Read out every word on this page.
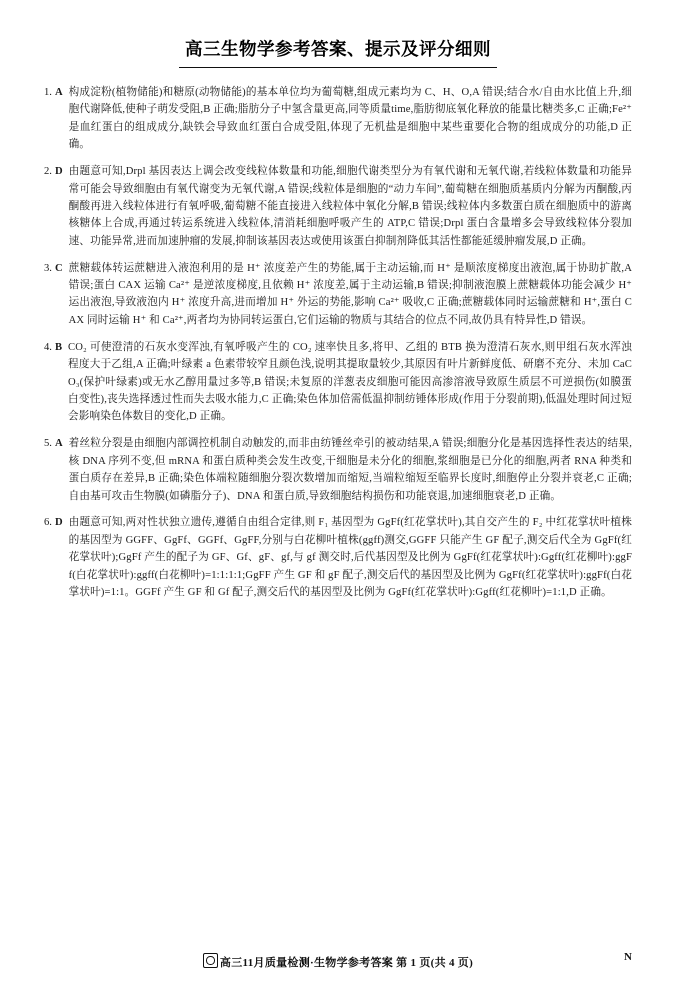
高三生物学参考答案、提示及评分细则
1. A 构成淀粉(植物储能)和糖原(动物储能)的基本单位均为葡萄糖,组成元素均为 C、H、O,A 错误;结合水/自由水比值上升,细胞代谢降低,使种子萌发受阻,B 正确;脂肪分子中氢含量更高,同等质量time,脂肪彻底氧化释放的能量比糖类多,C 正确;Fe²⁺ 是血红蛋白的组成成分,缺铁会导致血红蛋白合成受阻,体现了无机盐是细胞中某些重要化合物的组成成分的功能,D 正确。
2. D 由题意可知,Drpl 基因表达上调会改变线粒体数量和功能,细胞代谢类型分为有氧代谢和无氧代谢,若线粒体数量和功能异常可能会导致细胞由有氧代谢变为无氧代谢,A 错误;线粒体是细胞的“动力车间”,葡萄糖在细胞质基质内分解为丙酮酸,丙酮酸再进入线粒体进行有氧呼吸,葡萄糖不能直接进入线粒体中氧化分解,B 错误;线粒体内多数蛋白质在细胞质中的游离核糖体上合成,再通过转运系统进入线粒体,清消耗细胞呼吸产生的 ATP,C 错误;Drpl 蛋白含量增多会导致线粒体分裂加速、功能异常,进而加速肿瘤的发展,抑制该基因表达或使用该蛋白抑制剂降低其活性都能延缓肿瘤发展,D 正确。
3. C 蔗糖载体转运蔗糖进入液泡利用的是 H⁺ 浓度差产生的势能,属于主动运输,而 H⁺ 是顺浓度梯度出液泡,属于协助扩散,A 错误;蛋白 CAX 运输 Ca²⁺ 是逆浓度梯度,且依赖 H⁺ 浓度差,属于主动运输,B 错误;抑制液泡膜上蔗糖载体功能会减少 H⁺ 运出液泡,导致液泡内 H⁺ 浓度升高,进而增加 H⁺ 外运的势能,影响 Ca²⁺ 吸收,C 正确;蔗糖载体同时运输蔗糖和 H⁺,蛋白 CAX 同时运输 H⁺ 和 Ca²⁺,两者均为协同转运蛋白,它们运输的物质与其结合的位点不同,故仍具有特异性,D 错误。
4. B CO₂ 可使澄清的石灰水变浑浊,有氧呼吸产生的 CO₂ 速率快且多,将甲、乙组的 BTB 换为澄清石灰水,则甲组石灰水浑浊程度大于乙组,A 正确;叶绿素 a 色素带较窄且颜色浅,说明其提取量较少,其原因有叶片新鲜度低、研磨不充分、未加 CaCO₃(保护叶绿素)或无水乙醇用量过多等,B 错误;未复原的洋葱表皮细胞可能因高渗溶液导致原生质层不可逆损伤(如膜蛋白变性),丧失选择透过性而失去吸水能力,C 正确;染色体加倍需低温抑制纺锤体形成(作用于分裂前期),低温处理时间过短会影响染色体数目的变化,D 正确。
5. A 着丝粒分裂是由细胞内部调控机制自动触发的,而非由纺锤丝牵引的被动结果,A 错误;细胞分化是基因选择性表达的结果,核 DNA 序列不变,但 mRNA 和蛋白质种类会发生改变,干细胞是未分化的细胞,浆细胞是已分化的细胞,两者 RNA 种类和蛋白质存在差异,B 正确;染色体端粒随细胞分裂次数增加而缩短,当端粒缩短至临界长度时,细胞停止分裂并衰老,C 正确;自由基可攻击生物膜(如磷脂分子)、DNA 和蛋白质,导致细胞结构损伤和功能衰退,加速细胞衰老,D 正确。
6. D 由题意可知,两对性状独立遗传,遵循自由组合定律,则 F₁ 基因型为 GgFf(红花掌状叶),其自交产生的 F₂ 中红花掌状叶植株的基因型为 GGFF、GgFf、GGFf、GgFF,分别与白花柳叶植株(ggff)测交,GGFF 只能产生 GF 配子,测交后代全为 GgFf(红花掌状叶);GgFf 产生的配子为 GF、Gf、gF、gf,与 gf 测交时,后代基因型及比例为 GgFf(红花掌状叶):Ggff(红花柳叶):ggFf(白花掌状叶):ggff(白花柳叶)=1:1:1:1;GgFF 产生 GF 和 gF 配子,测交后代的基因型及比例为 GgFf(红花掌状叶):ggFf(白花掌状叶)=1:1。GGFf 产生 GF 和 Gf 配子,测交后代的基因型及比例为 GgFf(红花掌状叶):Ggff(红花柳叶)=1:1,D 正确。
高三11月质量检测·生物学参考答案 第 1 页(共 4 页)	N
